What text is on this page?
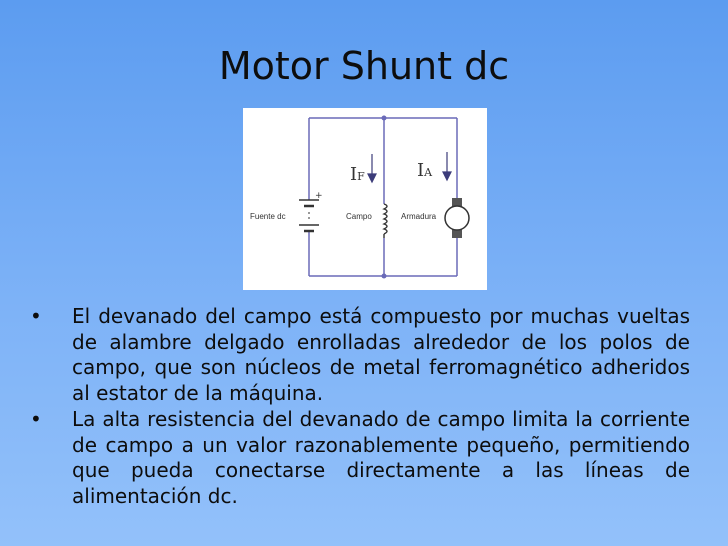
Motor Shunt dc
IF	IA
+
Fuente dc	Campo	Armadura
•	El devanado del campo está compuesto por muchas vueltas de alambre delgado enrolladas alrededor de los polos de campo, que son núcleos de metal ferromagnético adheridos al estator de la máquina.
•	La alta resistencia del devanado de campo limita la corriente de campo a un valor razonablemente pequeño, permitiendo que pueda conectarse directamente a las líneas de alimentación dc.
